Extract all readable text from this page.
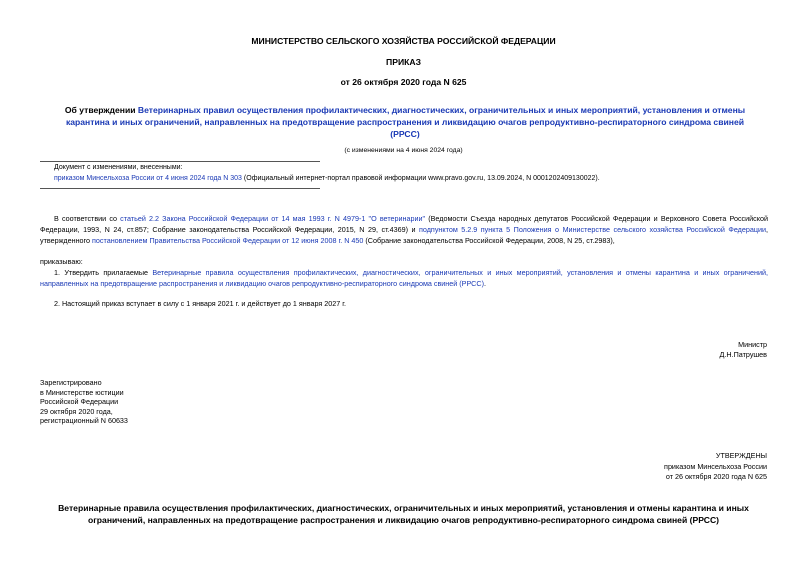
МИНИСТЕРСТВО СЕЛЬСКОГО ХОЗЯЙСТВА РОССИЙСКОЙ ФЕДЕРАЦИИ
ПРИКАЗ
от 26 октября 2020 года N 625
Об утверждении Ветеринарных правил осуществления профилактических, диагностических, ограничительных и иных мероприятий, установления и отмены карантина и иных ограничений, направленных на предотвращение распространения и ликвидацию очагов репродуктивно-респираторного синдрома свиней (РРСС)
(с изменениями на 4 июня 2024 года)
Документ с изменениями, внесенными:
приказом Минсельхоза России от 4 июня 2024 года N 303 (Официальный интернет-портал правовой информации www.pravo.gov.ru, 13.09.2024, N 0001202409130022).
В соответствии со статьей 2.2 Закона Российской Федерации от 14 мая 1993 г. N 4979-1 "О ветеринарии" (Ведомости Съезда народных депутатов Российской Федерации и Верховного Совета Российской Федерации, 1993, N 24, ст.857; Собрание законодательства Российской Федерации, 2015, N 29, ст.4369) и подпунктом 5.2.9 пункта 5 Положения о Министерстве сельского хозяйства Российской Федерации, утвержденного постановлением Правительства Российской Федерации от 12 июня 2008 г. N 450 (Собрание законодательства Российской Федерации, 2008, N 25, ст.2983),
приказываю:
1. Утвердить прилагаемые Ветеринарные правила осуществления профилактических, диагностических, ограничительных и иных мероприятий, установления и отмены карантина и иных ограничений, направленных на предотвращение распространения и ликвидацию очагов репродуктивно-респираторного синдрома свиней (РРСС).
2. Настоящий приказ вступает в силу с 1 января 2021 г. и действует до 1 января 2027 г.
Министр
Д.Н.Патрушев
Зарегистрировано
в Министерстве юстиции
Российской Федерации
29 октября 2020 года,
регистрационный N 60633
УТВЕРЖДЕНЫ
приказом Минсельхоза России
от 26 октября 2020 года N 625
Ветеринарные правила осуществления профилактических, диагностических, ограничительных и иных мероприятий, установления и отмены карантина и иных ограничений, направленных на предотвращение распространения и ликвидацию очагов репродуктивно-респираторного синдрома свиней (РРСС)
